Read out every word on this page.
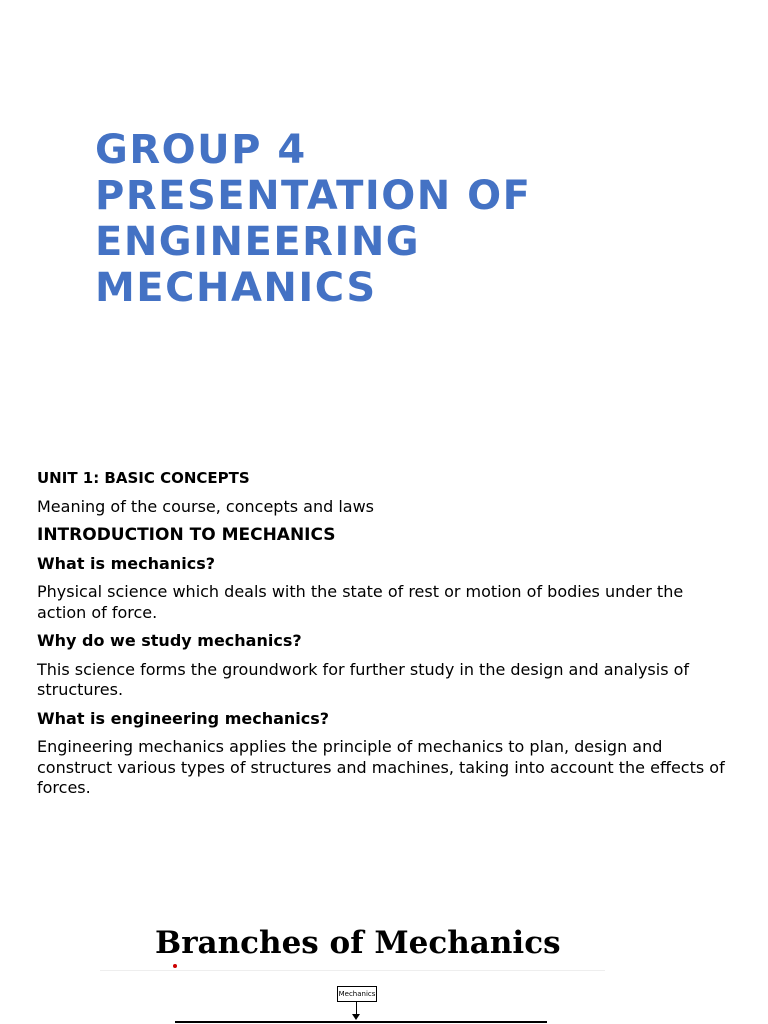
GROUP 4
PRESENTATION OF
ENGINEERING
MECHANICS

UNIT 1: BASIC CONCEPTS

Meaning of the course, concepts and laws

INTRODUCTION TO MECHANICS

What is mechanics?

Physical science which deals with the state of rest or motion of bodies under the action of force.

Why do we study mechanics?

This science forms the groundwork for further study in the design and analysis of structures.

What is engineering mechanics?

Engineering mechanics applies the principle of mechanics to plan, design and construct various types of structures and machines, taking into account the effects of forces.

Branches of Mechanics
Mechanics
